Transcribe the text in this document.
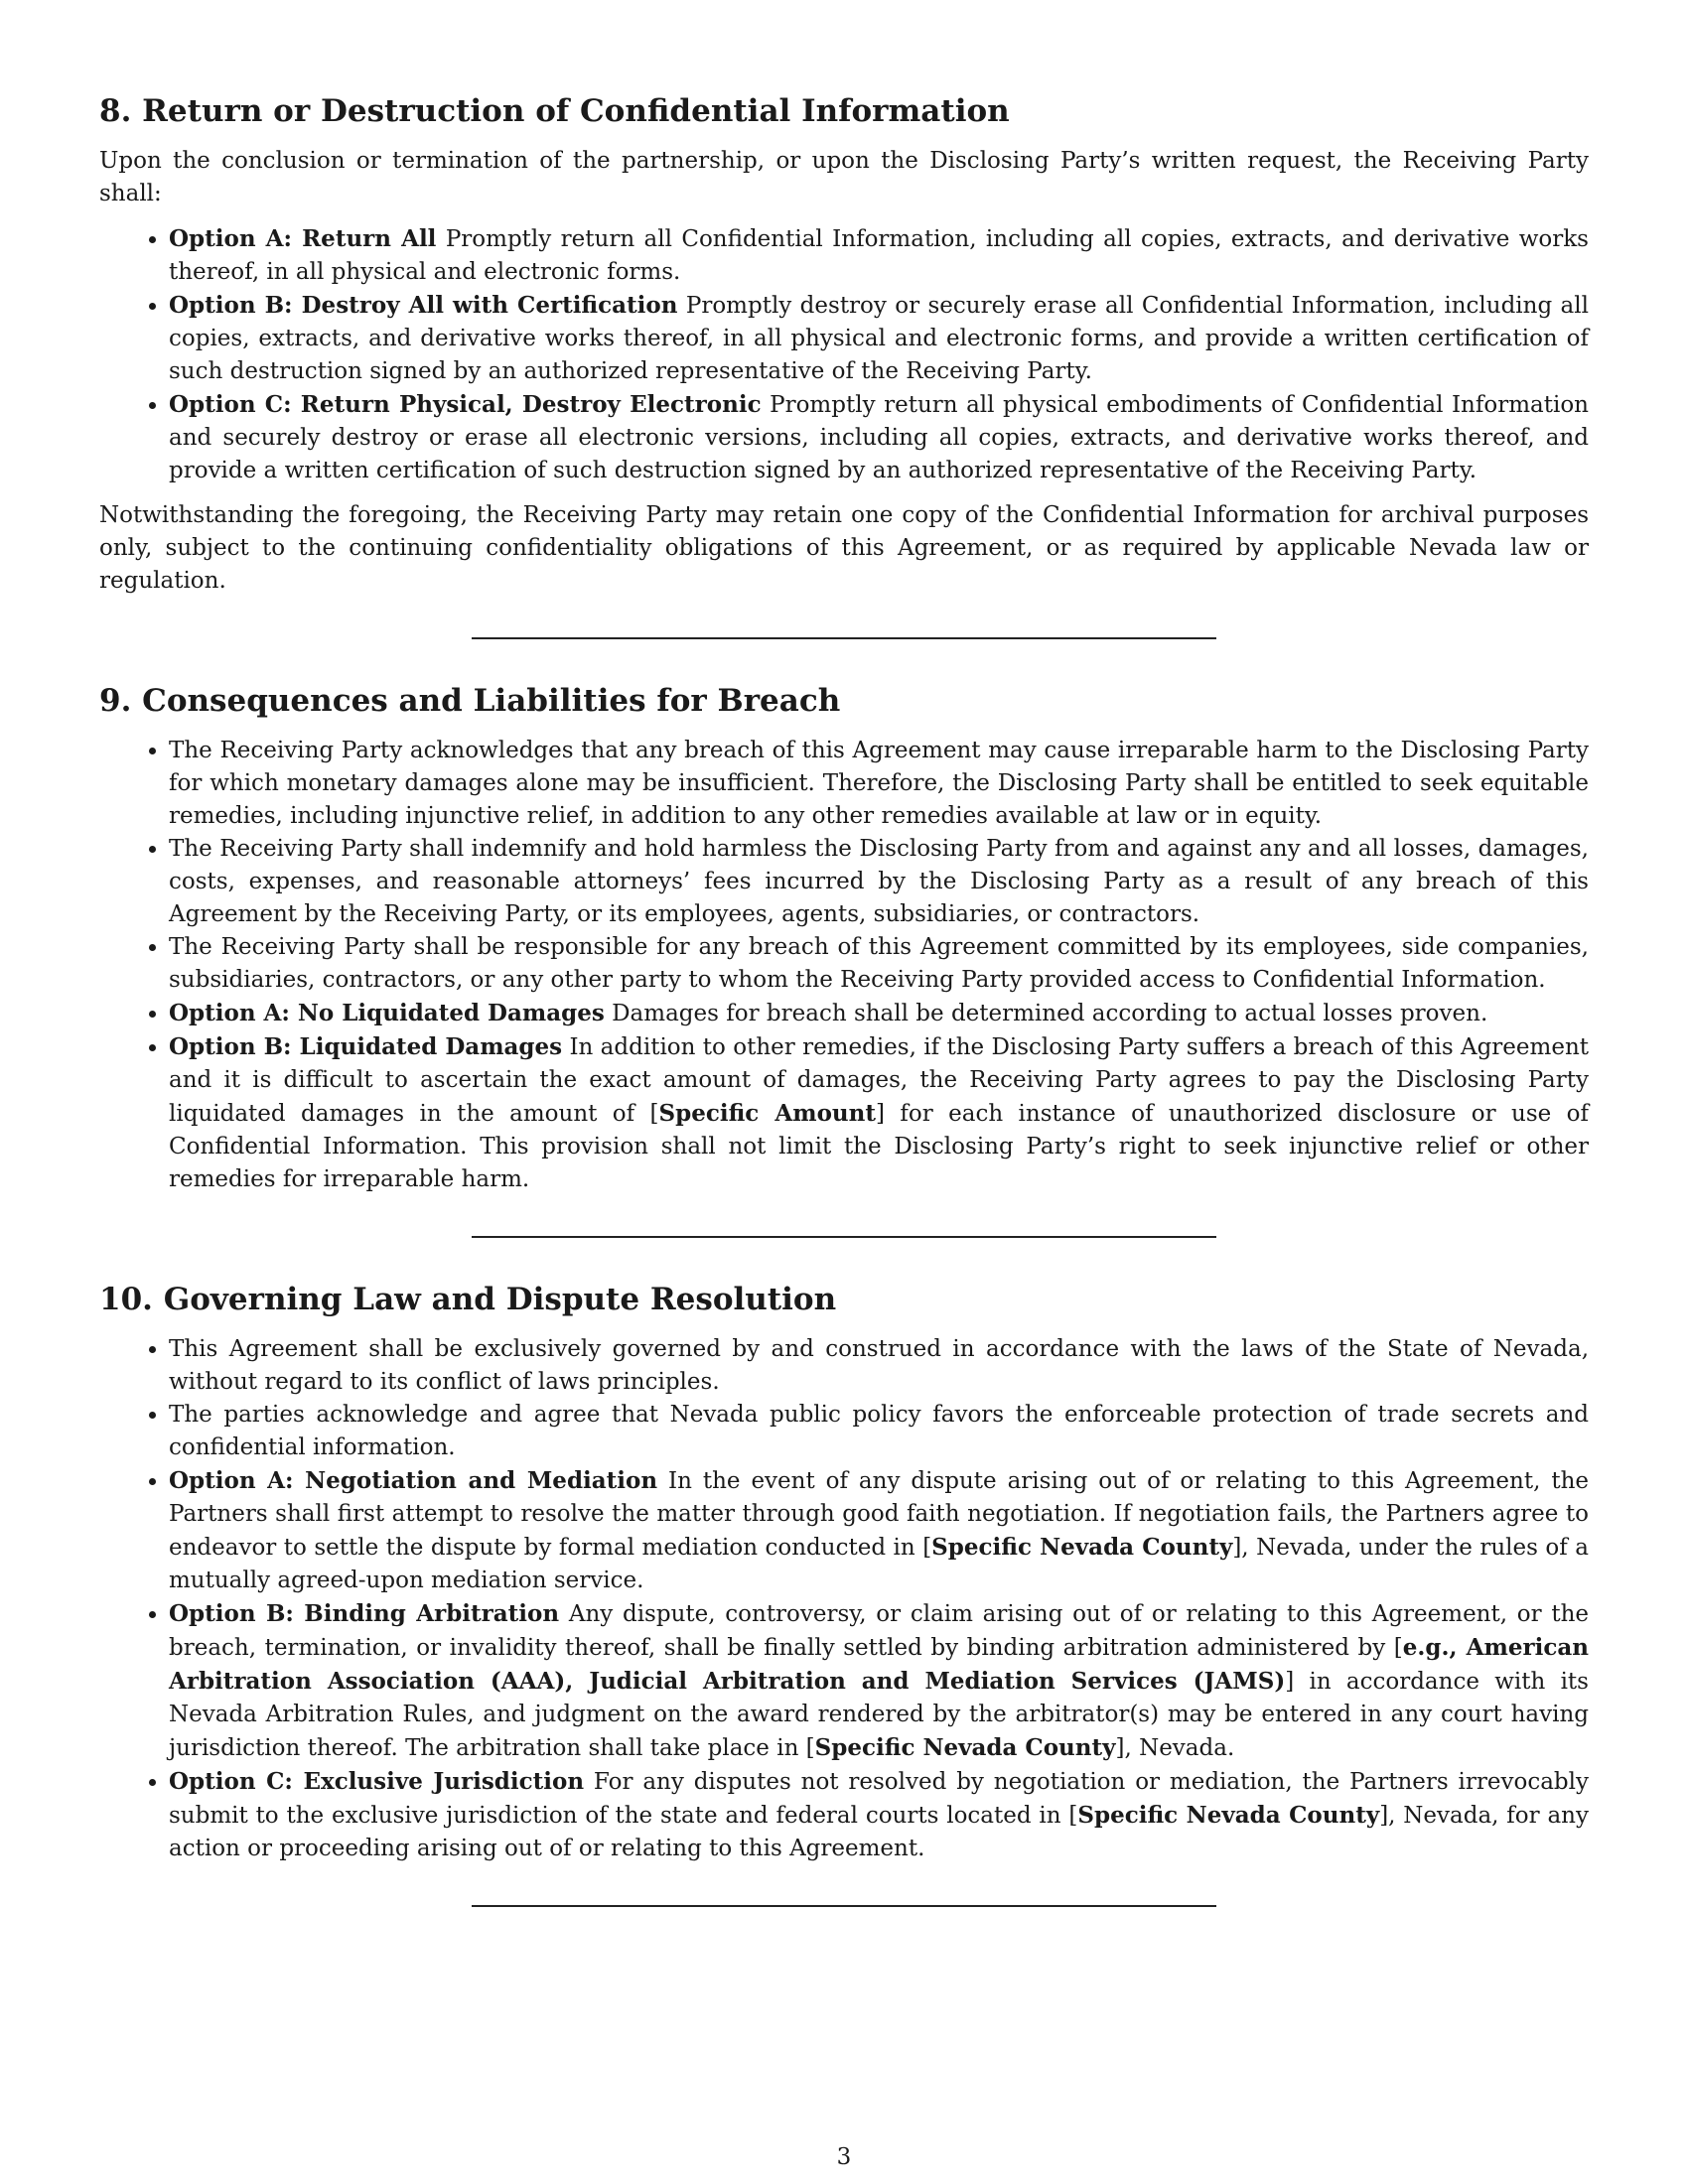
8. Return or Destruction of Confidential Information

Upon the conclusion or termination of the partnership, or upon the Disclosing Party’s written request, the Receiving Party shall:

• Option A: Return All Promptly return all Confidential Information, including all copies, extracts, and derivative works thereof, in all physical and electronic forms.
• Option B: Destroy All with Certification Promptly destroy or securely erase all Confidential Information, including all copies, extracts, and derivative works thereof, in all physical and electronic forms, and provide a written certification of such destruction signed by an authorized representative of the Receiving Party.
• Option C: Return Physical, Destroy Electronic Promptly return all physical embodiments of Confidential Information and securely destroy or erase all electronic versions, including all copies, extracts, and derivative works thereof, and provide a written certification of such destruction signed by an authorized representative of the Receiving Party.

Notwithstanding the foregoing, the Receiving Party may retain one copy of the Confidential Information for archival purposes only, subject to the continuing confidentiality obligations of this Agreement, or as required by applicable Nevada law or regulation.

9. Consequences and Liabilities for Breach
• The Receiving Party acknowledges that any breach of this Agreement may cause irreparable harm to the Disclosing Party for which monetary damages alone may be insufficient. Therefore, the Disclosing Party shall be entitled to seek equitable remedies, including injunctive relief, in addition to any other remedies available at law or in equity.
• The Receiving Party shall indemnify and hold harmless the Disclosing Party from and against any and all losses, damages, costs, expenses, and reasonable attorneys’ fees incurred by the Disclosing Party as a result of any breach of this Agreement by the Receiving Party, or its employees, agents, subsidiaries, or contractors.
• The Receiving Party shall be responsible for any breach of this Agreement committed by its employees, side companies, subsidiaries, contractors, or any other party to whom the Receiving Party provided access to Confidential Information.
• Option A: No Liquidated Damages Damages for breach shall be determined according to actual losses proven.
• Option B: Liquidated Damages In addition to other remedies, if the Disclosing Party suffers a breach of this Agreement and it is difficult to ascertain the exact amount of damages, the Receiving Party agrees to pay the Disclosing Party liquidated damages in the amount of [Specific Amount] for each instance of unauthorized disclosure or use of Confidential Information. This provision shall not limit the Disclosing Party’s right to seek injunctive relief or other remedies for irreparable harm.
10. Governing Law and Dispute Resolution
• This Agreement shall be exclusively governed by and construed in accordance with the laws of the State of Nevada, without regard to its conflict of laws principles.
• The parties acknowledge and agree that Nevada public policy favors the enforceable protection of trade secrets and confidential information.
• Option A: Negotiation and Mediation In the event of any dispute arising out of or relating to this Agreement, the Partners shall first attempt to resolve the matter through good faith negotiation. If negotiation fails, the Partners agree to endeavor to settle the dispute by formal mediation conducted in [Specific Nevada County], Nevada, under the rules of a mutually agreed-upon mediation service.
• Option B: Binding Arbitration Any dispute, controversy, or claim arising out of or relating to this Agreement, or the breach, termination, or invalidity thereof, shall be finally settled by binding arbitration administered by [e.g., American Arbitration Association (AAA), Judicial Arbitration and Mediation Services (JAMS)] in accordance with its Nevada Arbitration Rules, and judgment on the award rendered by the arbitrator(s) may be entered in any court having jurisdiction thereof. The arbitration shall take place in [Specific Nevada County], Nevada.
• Option C: Exclusive Jurisdiction For any disputes not resolved by negotiation or mediation, the Partners irrevocably submit to the exclusive jurisdiction of the state and federal courts located in [Specific Nevada County], Nevada, for any action or proceeding arising out of or relating to this Agreement.
3
